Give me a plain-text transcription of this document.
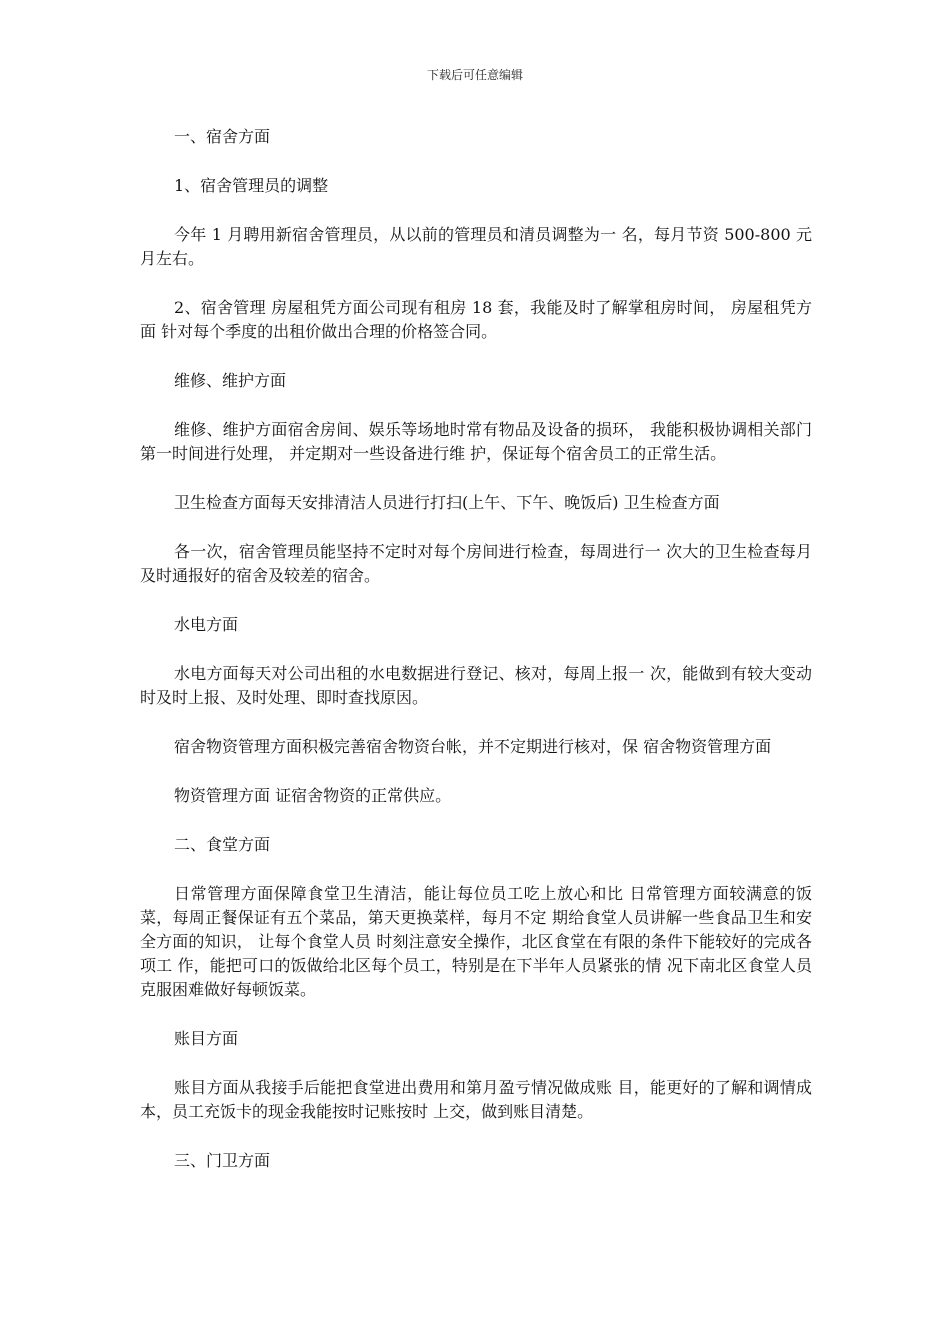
下载后可任意编辑

一、宿舍方面

1、宿舍管理员的调整

今年 1 月聘用新宿舍管理员，从以前的管理员和清员调整为一 名，每月节资 500-800 元月左右。

2、宿舍管理 房屋租凭方面公司现有租房 18 套，我能及时了解掌租房时间， 房屋租凭方面 针对每个季度的出租价做出合理的价格签合同。

维修、维护方面

维修、维护方面宿舍房间、娱乐等场地时常有物品及设备的损环， 我能积极协调相关部门第一时间进行处理， 并定期对一些设备进行维 护，保证每个宿舍员工的正常生活。

卫生检查方面每天安排清洁人员进行打扫(上午、下午、晚饭后) 卫生检查方面

各一次，宿舍管理员能坚持不定时对每个房间进行检查，每周进行一 次大的卫生检查每月及时通报好的宿舍及较差的宿舍。

水电方面

水电方面每天对公司出租的水电数据进行登记、核对，每周上报一 次，能做到有较大变动时及时上报、及时处理、即时查找原因。

宿舍物资管理方面积极完善宿舍物资台帐，并不定期进行核对，保 宿舍物资管理方面

物资管理方面 证宿舍物资的正常供应。

二、食堂方面

日常管理方面保障食堂卫生清洁，能让每位员工吃上放心和比 日常管理方面较满意的饭菜，每周正餐保证有五个菜品，第天更换菜样，每月不定 期给食堂人员讲解一些食品卫生和安全方面的知识， 让每个食堂人员 时刻注意安全操作，北区食堂在有限的条件下能较好的完成各项工 作，能把可口的饭做给北区每个员工，特别是在下半年人员紧张的情 况下南北区食堂人员克服困难做好每顿饭菜。

账目方面

账目方面从我接手后能把食堂进出费用和第月盈亏情况做成账 目，能更好的了解和调情成本，员工充饭卡的现金我能按时记账按时 上交，做到账目清楚。

三、门卫方面
